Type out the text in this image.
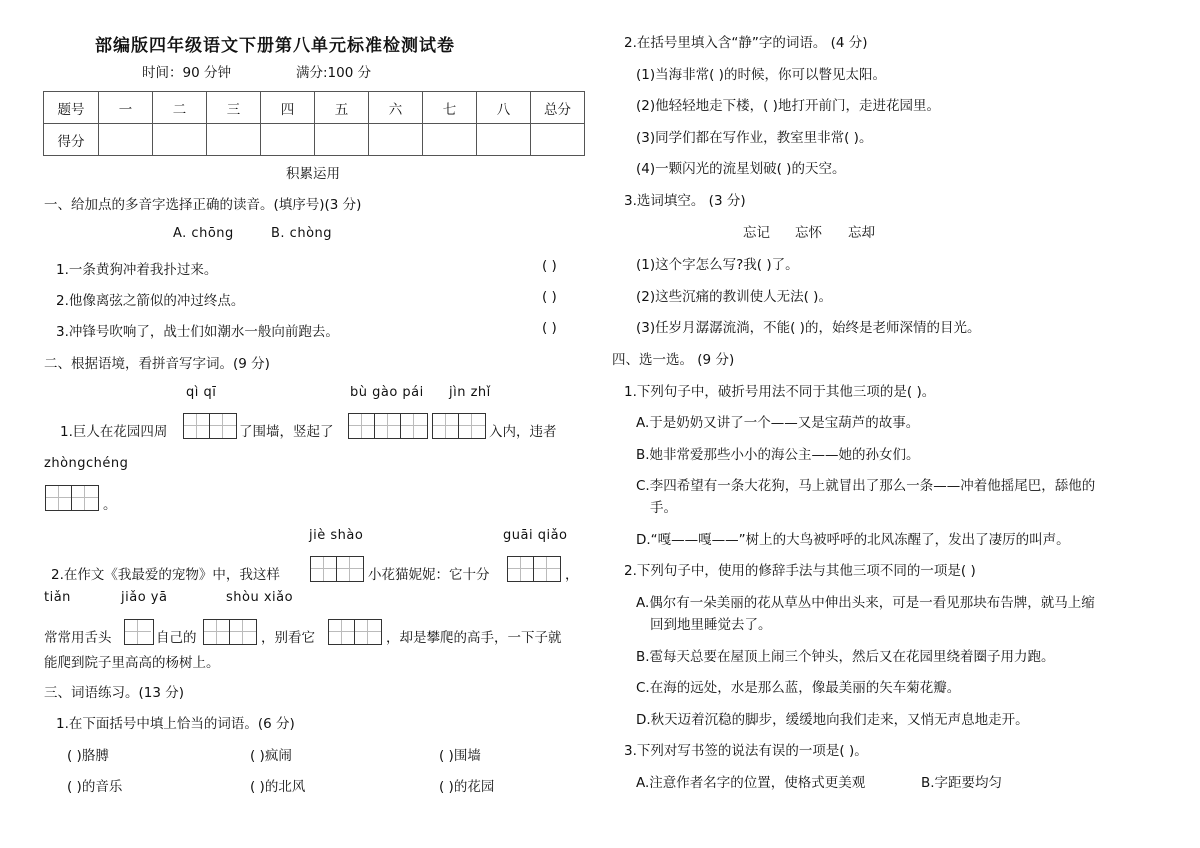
部编版四年级语文下册第八单元标准检测试卷
时间：90 分钟	满分:100 分
题号	一	二	三	四	五	六	七	八	总分
得分									
积累运用
一、给加点的多音字选择正确的读音。(填序号)(3 分)
A. chōng	B. chòng
1.一条黄狗冲着我扑过来。	( )
2.他像离弦之箭似的冲过终点。	( )
3.冲锋号吹响了，战士们如潮水一般向前跑去。	( )
二、根据语境，看拼音写字词。(9 分)
qì qī	bù gào pái jìn zhǐ
1.巨人在花园四周	了围墙，竖起了	入内，违者
zhòngchéng
。
jiè shào	guāi qiǎo
2.在作文《我最爱的宠物》中，我这样	小花猫妮妮：它十分	，
tiǎn	jiǎo yā	shòu xiǎo
常常用舌头	自己的	，别看它	，却是攀爬的高手，一下子就
能爬到院子里高高的杨树上。
三、词语练习。(13 分)
1.在下面括号中填上恰当的词语。(6 分)
( )胳膊	( )疯闹	( )围墙
( )的音乐	( )的北风	( )的花园
2.在括号里填入含“静”字的词语。 (4 分)
(1)当海非常( )的时候，你可以瞥见太阳。
(2)他轻轻地走下楼，( )地打开前门，走进花园里。
(3)同学们都在写作业，教室里非常( )。
(4)一颗闪光的流星划破( )的天空。
3.选词填空。 (3 分)
忘记 忘怀 忘却
(1)这个字怎么写?我( )了。
(2)这些沉痛的教训使人无法( )。
(3)任岁月潺潺流淌，不能( )的，始终是老师深情的目光。
四、选一选。 (9 分)
1.下列句子中，破折号用法不同于其他三项的是( )。
A.于是奶奶又讲了一个——又是宝葫芦的故事。
B.她非常爱那些小小的海公主——她的孙女们。
C.李四希望有一条大花狗，马上就冒出了那么一条——冲着他摇尾巴，舔他的
手。
D.“嘎——嘎——”树上的大鸟被呼呼的北风冻醒了，发出了凄厉的叫声。
2.下列句子中，使用的修辞手法与其他三项不同的一项是( )
A.偶尔有一朵美丽的花从草丛中伸出头来，可是一看见那块布告牌，就马上缩
回到地里睡觉去了。
B.雹每天总要在屋顶上闹三个钟头，然后又在花园里绕着圈子用力跑。
C.在海的远处，水是那么蓝，像最美丽的矢车菊花瓣。
D.秋天迈着沉稳的脚步，缓缓地向我们走来，又悄无声息地走开。
3.下列对写书签的说法有误的一项是( )。
A.注意作者名字的位置，使格式更美观	B.字距要均匀
